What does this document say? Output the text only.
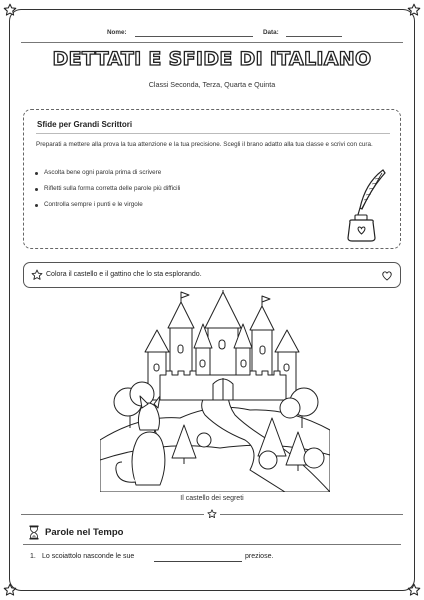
Nome:	Data:
DETTATI E SFIDE DI ITALIANO
Classi Seconda, Terza, Quarta e Quinta
Sfide per Grandi Scrittori
Preparati a mettere alla prova la tua attenzione e la tua precisione. Scegli il brano adatto alla tua classe e scrivi con cura.
Ascolta bene ogni parola prima di scrivere
Rifletti sulla forma corretta delle parole più difficili
Controlla sempre i punti e le virgole
Colora il castello e il gattino che lo sta esplorando.
Il castello dei segreti
Parole nel Tempo
1. Lo scoiattolo nasconde le sue	preziose.
